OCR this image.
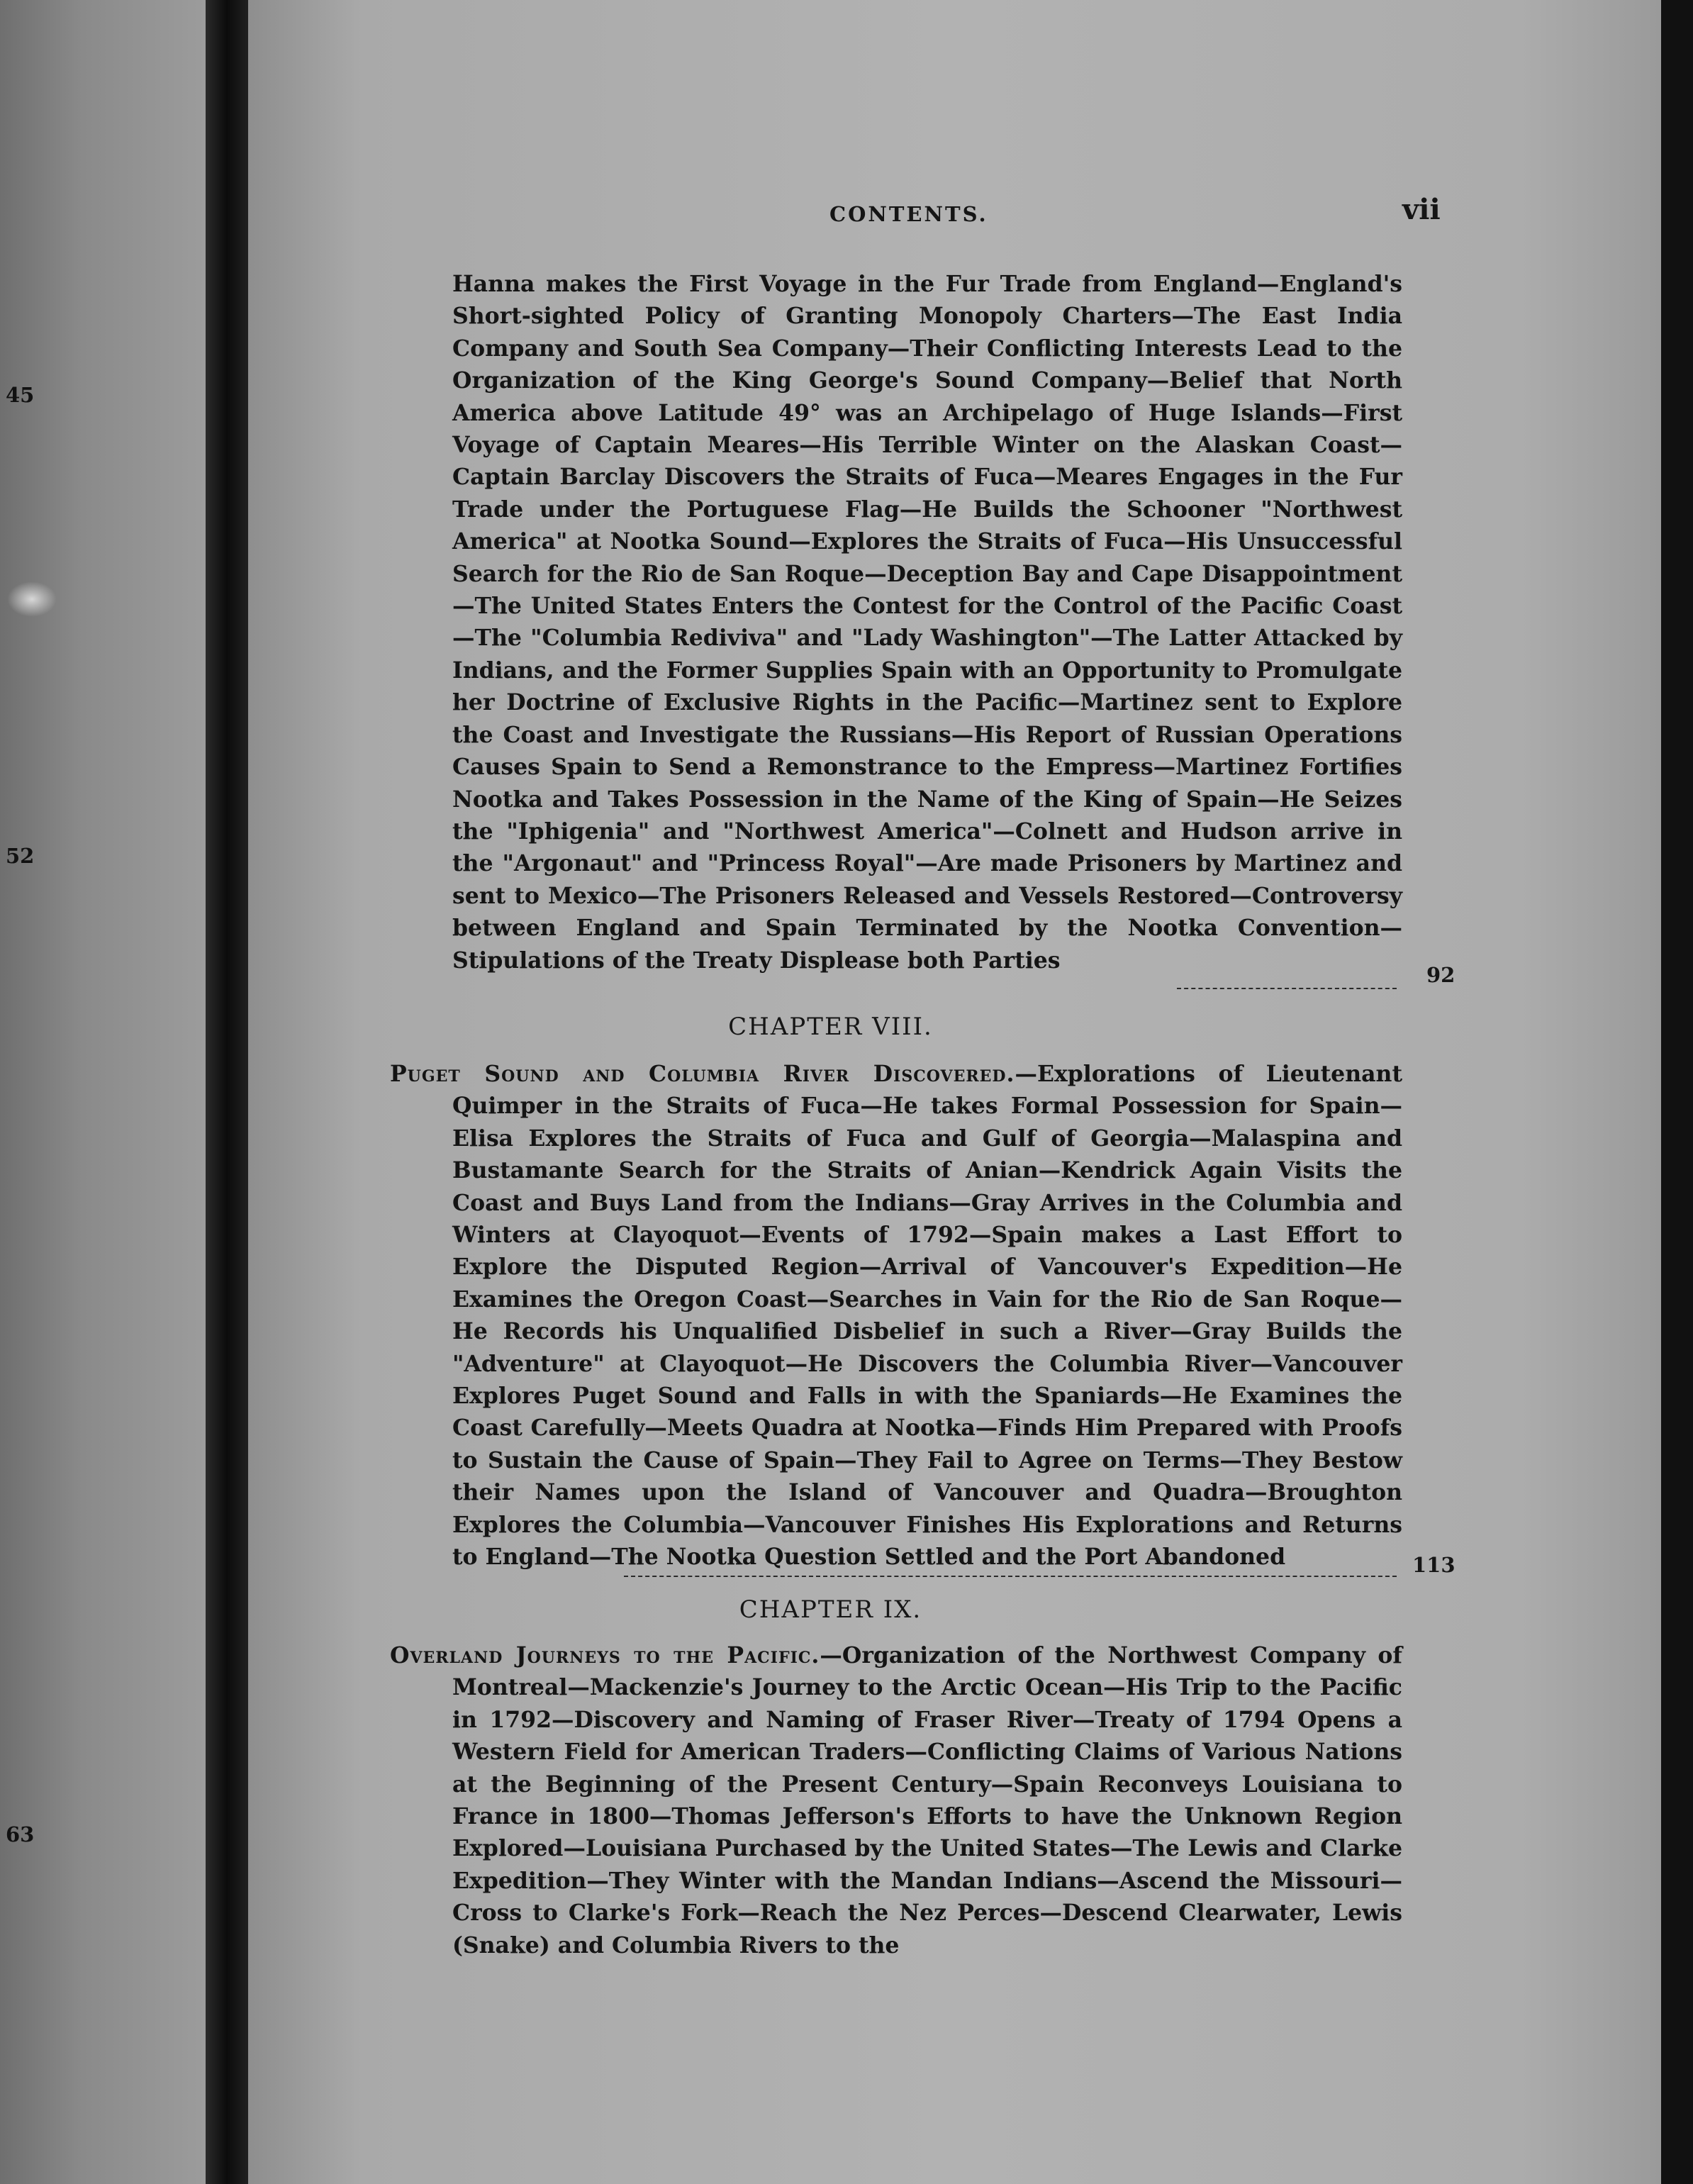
45
52
63
CONTENTS.	vii

Hanna makes the First Voyage in the Fur Trade from England—England's Short-sighted Policy of Granting Monopoly Charters—The East India Company and South Sea Company—Their Conflicting Interests Lead to the Organization of the King George's Sound Company—Belief that North America above Latitude 49° was an Archipelago of Huge Islands—First Voyage of Captain Meares—His Terrible Winter on the Alaskan Coast—Captain Barclay Discovers the Straits of Fuca—Meares Engages in the Fur Trade under the Portuguese Flag—He Builds the Schooner "Northwest America" at Nootka Sound—Explores the Straits of Fuca—His Unsuccessful Search for the Rio de San Roque—Deception Bay and Cape Disappointment—The United States Enters the Contest for the Control of the Pacific Coast—The "Columbia Rediviva" and "Lady Washington"—The Latter Attacked by Indians, and the Former Supplies Spain with an Opportunity to Promulgate her Doctrine of Exclusive Rights in the Pacific—Martinez sent to Explore the Coast and Investigate the Russians—His Report of Russian Operations Causes Spain to Send a Remonstrance to the Empress—Martinez Fortifies Nootka and Takes Possession in the Name of the King of Spain—He Seizes the "Iphigenia" and "Northwest America"—Colnett and Hudson arrive in the "Argonaut" and "Princess Royal"—Are made Prisoners by Martinez and sent to Mexico—The Prisoners Released and Vessels Restored—Controversy between England and Spain Terminated by the Nootka Convention—Stipulations of the Treaty Displease both Parties

92
CHAPTER VIII.

Puget Sound and Columbia River Discovered.—Explorations of Lieutenant Quimper in the Straits of Fuca—He takes Formal Possession for Spain—Elisa Explores the Straits of Fuca and Gulf of Georgia—Malaspina and Bustamante Search for the Straits of Anian—Kendrick Again Visits the Coast and Buys Land from the Indians—Gray Arrives in the Columbia and Winters at Clayoquot—Events of 1792—Spain makes a Last Effort to Explore the Disputed Region—Arrival of Vancouver's Expedition—He Examines the Oregon Coast—Searches in Vain for the Rio de San Roque—He Records his Unqualified Disbelief in such a River—Gray Builds the "Adventure" at Clayoquot—He Discovers the Columbia River—Vancouver Explores Puget Sound and Falls in with the Spaniards—He Examines the Coast Carefully—Meets Quadra at Nootka—Finds Him Prepared with Proofs to Sustain the Cause of Spain—They Fail to Agree on Terms—They Bestow their Names upon the Island of Vancouver and Quadra—Broughton Explores the Columbia—Vancouver Finishes His Explorations and Returns to England—The Nootka Question Settled and the Port Abandoned	113
CHAPTER IX.

Overland Journeys to the Pacific.—Organization of the Northwest Company of Montreal—Mackenzie's Journey to the Arctic Ocean—His Trip to the Pacific in 1792—Discovery and Naming of Fraser River—Treaty of 1794 Opens a Western Field for American Traders—Conflicting Claims of Various Nations at the Beginning of the Present Century—Spain Reconveys Louisiana to France in 1800—Thomas Jefferson's Efforts to have the Unknown Region Explored—Louisiana Purchased by the United States—The Lewis and Clarke Expedition—They Winter with the Mandan Indians—Ascend the Missouri—Cross to Clarke's Fork—Reach the Nez Perces—Descend Clearwater, Lewis (Snake) and Columbia Rivers to the
